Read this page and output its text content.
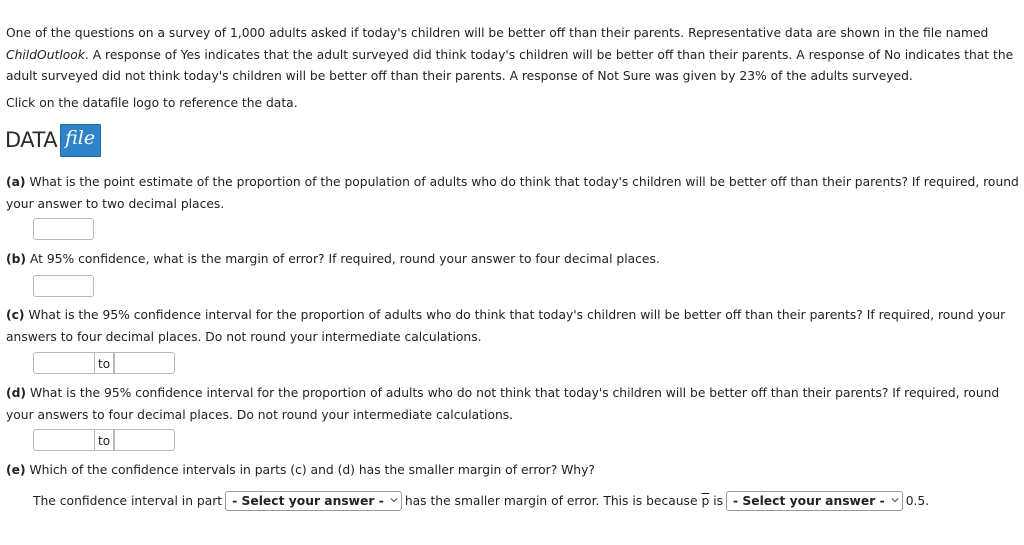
One of the questions on a survey of 1,000 adults asked if today's children will be better off than their parents. Representative data are shown in the file named ChildOutlook. A response of Yes indicates that the adult surveyed did think today's children will be better off than their parents. A response of No indicates that the adult surveyed did not think today's children will be better off than their parents. A response of Not Sure was given by 23% of the adults surveyed.

Click on the datafile logo to reference the data.
DATA file
(a) What is the point estimate of the proportion of the population of adults who do think that today's children will be better off than their parents? If required, round your answer to two decimal places.
(b) At 95% confidence, what is the margin of error? If required, round your answer to four decimal places.
(c) What is the 95% confidence interval for the proportion of adults who do think that today's children will be better off than their parents? If required, round your answers to four decimal places. Do not round your intermediate calculations.
to
(d) What is the 95% confidence interval for the proportion of adults who do not think that today's children will be better off than their parents? If required, round your answers to four decimal places. Do not round your intermediate calculations.
to
(e) Which of the confidence intervals in parts (c) and (d) has the smaller margin of error? Why?
The confidence interval in part - Select your answer - has the smaller margin of error. This is because
$\overline{p}$
is - Select your answer - 0.5.
